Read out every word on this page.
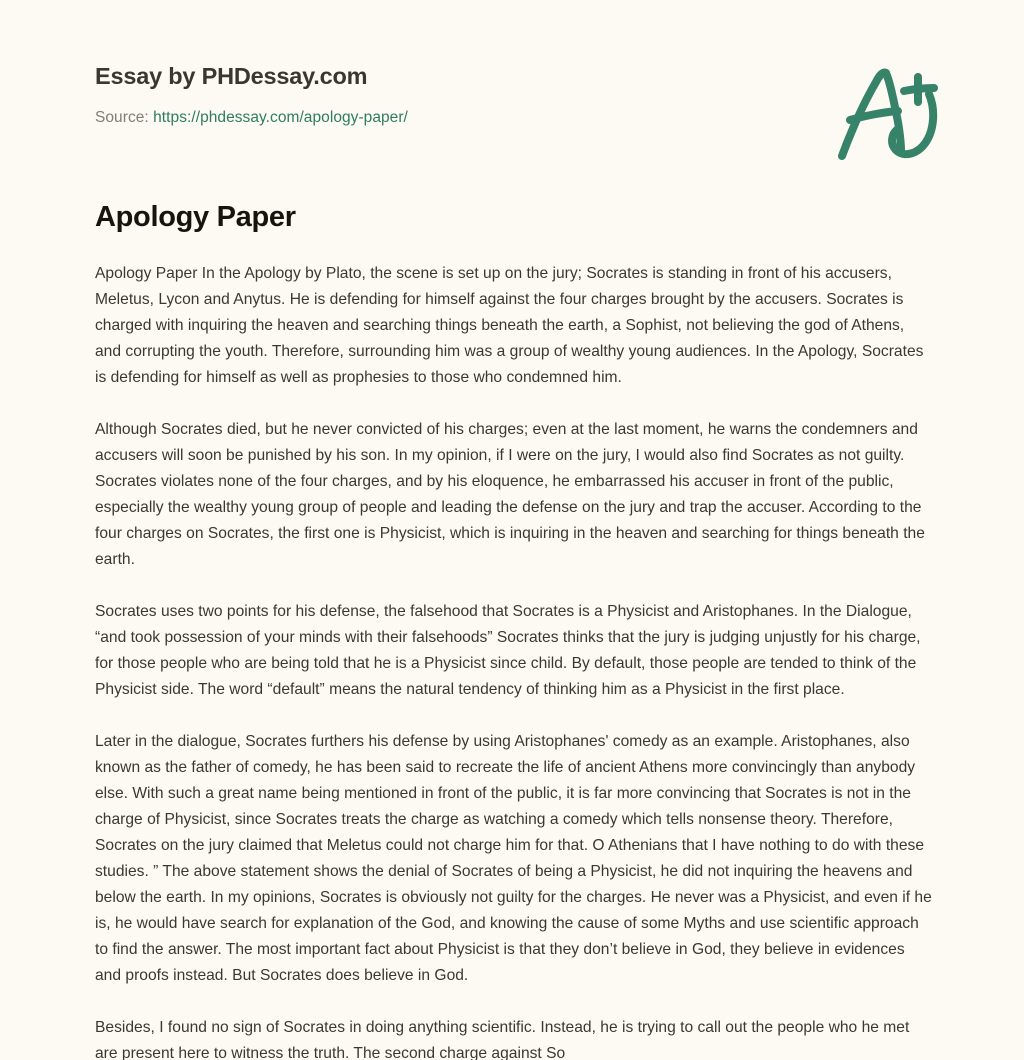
Essay by PHDessay.com
Source: https://phdessay.com/apology-paper/
Apology Paper

Apology Paper In the Apology by Plato, the scene is set up on the jury; Socrates is standing in front of his accusers, Meletus, Lycon and Anytus. He is defending for himself against the four charges brought by the accusers. Socrates is charged with inquiring the heaven and searching things beneath the earth, a Sophist, not believing the god of Athens, and corrupting the youth. Therefore, surrounding him was a group of wealthy young audiences. In the Apology, Socrates is defending for himself as well as prophesies to those who condemned him.

Although Socrates died, but he never convicted of his charges; even at the last moment, he warns the condemners and accusers will soon be punished by his son. In my opinion, if I were on the jury, I would also find Socrates as not guilty. Socrates violates none of the four charges, and by his eloquence, he embarrassed his accuser in front of the public, especially the wealthy young group of people and leading the defense on the jury and trap the accuser. According to the four charges on Socrates, the first one is Physicist, which is inquiring in the heaven and searching for things beneath the earth.

Socrates uses two points for his defense, the falsehood that Socrates is a Physicist and Aristophanes. In the Dialogue, “and took possession of your minds with their falsehoods” Socrates thinks that the jury is judging unjustly for his charge, for those people who are being told that he is a Physicist since child. By default, those people are tended to think of the Physicist side. The word “default” means the natural tendency of thinking him as a Physicist in the first place.

Later in the dialogue, Socrates furthers his defense by using Aristophanes' comedy as an example. Aristophanes, also known as the father of comedy, he has been said to recreate the life of ancient Athens more convincingly than anybody else. With such a great name being mentioned in front of the public, it is far more convincing that Socrates is not in the charge of Physicist, since Socrates treats the charge as watching a comedy which tells nonsense theory. Therefore, Socrates on the jury claimed that Meletus could not charge him for that. O Athenians that I have nothing to do with these studies. ” The above statement shows the denial of Socrates of being a Physicist, he did not inquiring the heavens and below the earth. In my opinions, Socrates is obviously not guilty for the charges. He never was a Physicist, and even if he is, he would have search for explanation of the God, and knowing the cause of some Myths and use scientific approach to find the answer. The most important fact about Physicist is that they don’t believe in God, they believe in evidences and proofs instead. But Socrates does believe in God.

Besides, I found no sign of Socrates in doing anything scientific. Instead, he is trying to call out the people who he met are present here to witness the truth. The second charge against So
